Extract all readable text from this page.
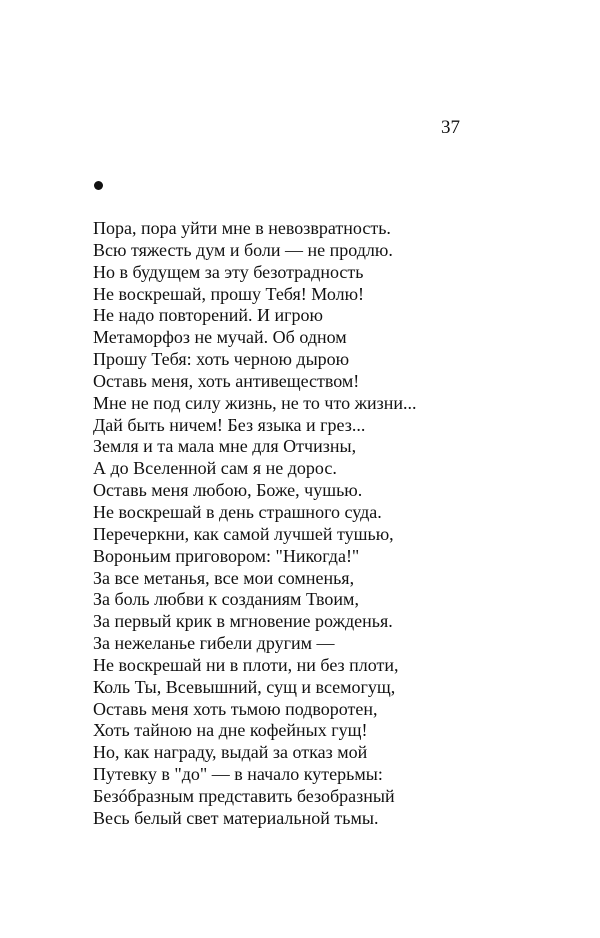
37
Пора, пора уйти мне в невозвратность.
Всю тяжесть дум и боли — не продлю.
Но в будущем за эту безотрадность
Не воскрешай, прошу Тебя! Молю!
Не надо повторений. И игрою
Метаморфоз не мучай. Об одном
Прошу Тебя: хоть черною дырою
Оставь меня, хоть антивеществом!
Мне не под силу жизнь, не то что жизни...
Дай быть ничем! Без языка и грез...
Земля и та мала мне для Отчизны,
А до Вселенной сам я не дорос.
Оставь меня любою, Боже, чушью.
Не воскрешай в день страшного суда.
Перечеркни, как самой лучшей тушью,
Вороньим приговором: "Никогда!"
За все метанья, все мои сомненья,
За боль любви к созданиям Твоим,
За первый крик в мгновение рожденья.
За нежеланье гибели другим —
Не воскрешай ни в плоти, ни без плоти,
Коль Ты, Всевышний, сущ и всемогущ,
Оставь меня хоть тьмою подворотен,
Хоть тайною на дне кофейных гущ!
Но, как награду, выдай за отказ мой
Путевку в "до" — в начало кутерьмы:
Безóбразным представить безобразный
Весь белый свет материальной тьмы.
